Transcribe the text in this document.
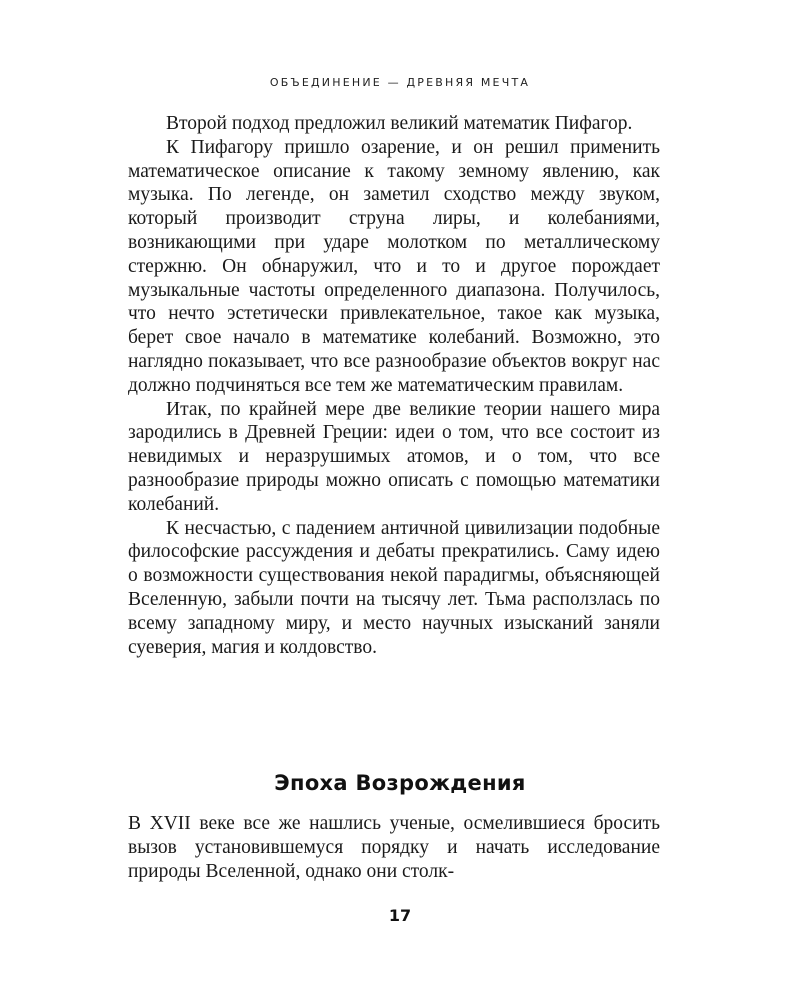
ОБЪЕДИНЕНИЕ — ДРЕВНЯЯ МЕЧТА

Второй подход предложил великий математик Пифагор.

К Пифагору пришло озарение, и он решил применить математическое описание к такому земному явлению, как музыка. По легенде, он заметил сходство между звуком, который производит струна лиры, и колебаниями, возникающими при ударе молотком по металлическому стержню. Он обнаружил, что и то и другое порождает музыкальные частоты определенного диапазона. Получилось, что нечто эстетически привлекательное, такое как музыка, берет свое начало в математике колебаний. Возможно, это наглядно показывает, что все разнообразие объектов вокруг нас должно подчиняться все тем же математическим правилам.

Итак, по крайней мере две великие теории нашего мира зародились в Древней Греции: идеи о том, что все состоит из невидимых и неразрушимых атомов, и о том, что все разнообразие природы можно описать с помощью математики колебаний.

К несчастью, с падением античной цивилизации подобные философские рассуждения и дебаты прекратились. Саму идею о возможности существования некой парадигмы, объясняющей Вселенную, забыли почти на тысячу лет. Тьма расползлась по всему западному миру, и место научных изысканий заняли суеверия, магия и колдовство.

Эпоха Возрождения

В XVII веке все же нашлись ученые, осмелившиеся бросить вызов установившемуся порядку и начать исследование природы Вселенной, однако они столк-

17
